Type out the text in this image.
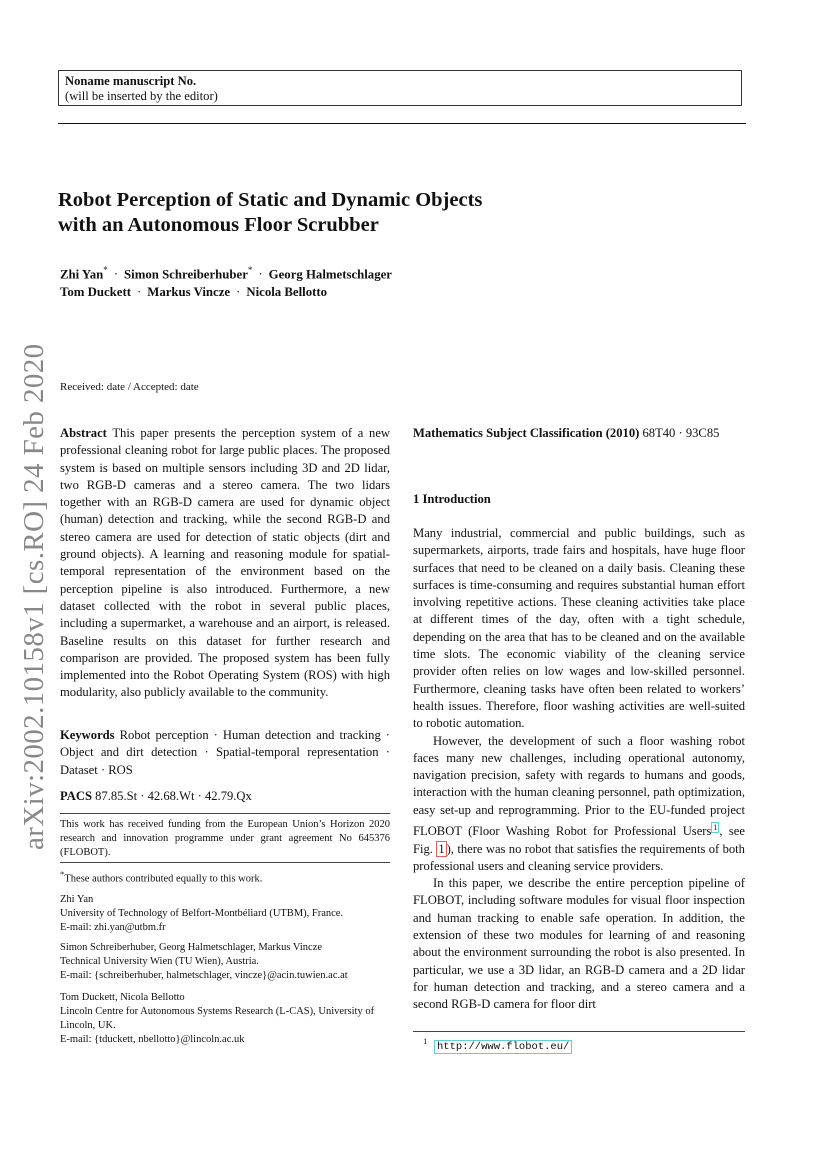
Noname manuscript No.
(will be inserted by the editor)
arXiv:2002.10158v1 [cs.RO] 24 Feb 2020
Robot Perception of Static and Dynamic Objects
with an Autonomous Floor Scrubber
Zhi Yan* · Simon Schreiberhuber* · Georg Halmetschlager
Tom Duckett · Markus Vincze · Nicola Bellotto
Received: date / Accepted: date
Abstract This paper presents the perception system of a new professional cleaning robot for large public places. The proposed system is based on multiple sensors including 3D and 2D lidar, two RGB-D cameras and a stereo camera. The two lidars together with an RGB-D camera are used for dynamic object (human) detection and tracking, while the second RGB-D and stereo camera are used for detection of static objects (dirt and ground objects). A learning and reasoning module for spatial-temporal representation of the environment based on the perception pipeline is also introduced. Furthermore, a new dataset collected with the robot in several public places, including a supermarket, a warehouse and an airport, is released. Baseline results on this dataset for further research and comparison are provided. The proposed system has been fully implemented into the Robot Operating System (ROS) with high modularity, also publicly available to the community.
Keywords Robot perception · Human detection and tracking · Object and dirt detection · Spatial-temporal representation · Dataset · ROS
PACS 87.85.St · 42.68.Wt · 42.79.Qx
This work has received funding from the European Union’s Horizon 2020 research and innovation programme under grant agreement No 645376 (FLOBOT).
*These authors contributed equally to this work.
Zhi Yan
University of Technology of Belfort-Montbéliard (UTBM), France.
E-mail: zhi.yan@utbm.fr
Simon Schreiberhuber, Georg Halmetschlager, Markus Vincze
Technical University Wien (TU Wien), Austria.
E-mail: {schreiberhuber, halmetschlager, vincze}@acin.tuwien.ac.at
Tom Duckett, Nicola Bellotto
Lincoln Centre for Autonomous Systems Research (L-CAS), University of Lincoln, UK.
E-mail: {tduckett, nbellotto}@lincoln.ac.uk
Mathematics Subject Classification (2010) 68T40 · 93C85
1 Introduction

Many industrial, commercial and public buildings, such as supermarkets, airports, trade fairs and hospitals, have huge floor surfaces that need to be cleaned on a daily basis. Cleaning these surfaces is time-consuming and requires substantial human effort involving repetitive actions. These cleaning activities take place at different times of the day, often with a tight schedule, depending on the area that has to be cleaned and on the available time slots. The economic viability of the cleaning service provider often relies on low wages and low-skilled personnel. Furthermore, cleaning tasks have often been related to workers’ health issues. Therefore, floor washing activities are well-suited to robotic automation.

However, the development of such a floor washing robot faces many new challenges, including operational autonomy, navigation precision, safety with regards to humans and goods, interaction with the human cleaning personnel, path optimization, easy set-up and reprogramming. Prior to the EU-funded project FLOBOT (Floor Washing Robot for Professional Users $^1$ , see Fig. 1 ), there was no robot that satisfies the requirements of both professional users and cleaning service providers.

In this paper, we describe the entire perception pipeline of FLOBOT, including software modules for visual floor inspection and human tracking to enable safe operation. In addition, the extension of these two modules for learning of and reasoning about the environment surrounding the robot is also presented. In particular, we use a 3D lidar, an RGB-D camera and a 2D lidar for human detection and tracking, and a stereo camera and a second RGB-D camera for floor dirt

$^1$ http://www.flobot.eu/
